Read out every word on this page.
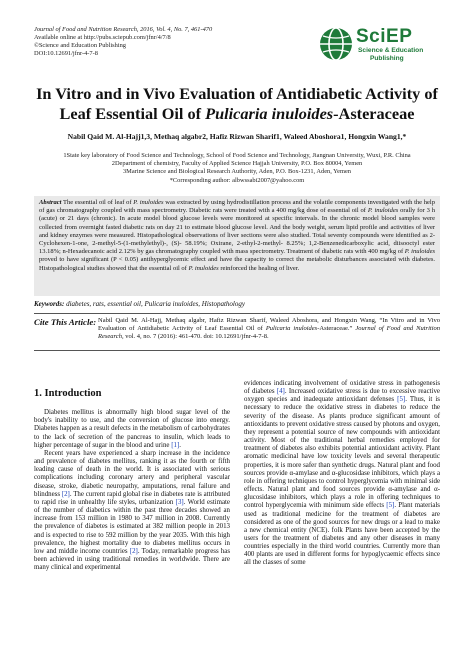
Journal of Food and Nutrition Research, 2016, Vol. 4, No. 7, 461-470
Available online at http://pubs.sciepub.com/jfnr/4/7/8
©Science and Education Publishing
DOI:10.12691/jfnr-4-7-8
SciEP
Science & Education
Publishing
In Vitro and in Vivo Evaluation of Antidiabetic Activity of Leaf Essential Oil of Pulicaria inuloides-Asteraceae
Nabil Qaid M. Al-Hajj1,3, Methaq algabr2, Hafiz Rizwan Sharif1, Waleed Aboshora1, Hongxin Wang1,*
1State key laboratory of Food Science and Technology, School of Food Science and Technology, Jiangnan University, Wuxi, P.R. China
2Department of chemistry, Faculty of Applied Science Hajjah University, P.O. Box 80004, Yemen
3Marine Science and Biological Research Authority, Aden, P.O. Box-1231, Aden, Yemen
*Corresponding author: albwssabi2007@yahoo.com
Abstract The essential oil of leaf of P. inuloides was extracted by using hydrodistillation process and the volatile components investigated with the help of gas chromatography coupled with mass spectrometry. Diabetic rats were treated with a 400 mg/kg dose of essential oil of P. inuloides orally for 3 h (acute) or 21 days (chronic). In acute model blood glucose levels were monitored at specific intervals. In the chronic model blood samples were collected from overnight fasted diabetic rats on day 21 to estimate blood glucose level. And the body weight, serum lipid profile and activities of liver and kidney enzymes were measured. Histopathological observations of liver sections were also studied. Total seventy compounds were identified as 2-Cyclohexen-1-one, 2-methyl-5-(1-methylethyl)-, (S)- 58.19%; Oxirane, 2-ethyl-2-methyl- 8.25%; 1,2-Benzenedicarboxylic acid, diisooctyl ester 13.18%; n-Hexadecanoic acid 2.12% by gas chromatography coupled with mass spectrometry. Treatment of diabetic rats with 400 mg/kg of P. inuloides proved to have significant (P < 0.05) antihyperglycemic effect and have the capacity to correct the metabolic disturbances associated with diabetes. Histopathological studies showed that the essential oil of P. inuloides reinforced the healing of liver.
Keywords: diabetes, rats, essential oil, Pulicaria inuloides, Histopathology
Cite This Article: Nabil Qaid M. Al-Hajj, Methaq algabr, Hafiz Rizwan Sharif, Waleed Aboshora, and Hongxin Wang, “In Vitro and in Vivo Evaluation of Antidiabetic Activity of Leaf Essential Oil of Pulicaria inuloides-Asteraceae.” Journal of Food and Nutrition Research, vol. 4, no. 7 (2016): 461-470. doi: 10.12691/jfnr-4-7-8.
1. Introduction

Diabetes mellitus is abnormally high blood sugar level of the body's inability to use, and the conversion of glucose into energy. Diabetes happen as a result defects in the metabolism of carbohydrates to the lack of secretion of the pancreas to insulin, which leads to higher percentage of sugar in the blood and urine [1].

Recent years have experienced a sharp increase in the incidence and prevalence of diabetes mellitus, ranking it as the fourth or fifth leading cause of death in the world. It is associated with serious complications including coronary artery and peripheral vascular disease, stroke, diabetic neuropathy, amputations, renal failure and blindness [2]. The current rapid global rise in diabetes rate is attributed to rapid rise in unhealthy life styles, urbanization [3]. World estimate of the number of diabetics within the past three decades showed an increase from 153 million in 1980 to 347 million in 2008. Currently the prevalence of diabetes is estimated at 382 million people in 2013 and is expected to rise to 592 million by the year 2035. With this high prevalence, the highest mortality due to diabetes mellitus occurs in low and middle income countries [2]. Today, remarkable progress has been achieved in using traditional remedies in worldwide. There are many clinical and experimental

evidences indicating involvement of oxidative stress in pathogenesis of diabetes [4]. Increased oxidative stress is due to excessive reactive oxygen species and inadequate antioxidant defenses [5]. Thus, it is necessary to reduce the oxidative stress in diabetes to reduce the severity of the disease. As plants produce significant amount of antioxidants to prevent oxidative stress caused by photons and oxygen, they represent a potential source of new compounds with antioxidant activity. Most of the traditional herbal remedies employed for treatment of diabetes also exhibits potential antioxidant activity. Plant aromatic medicinal have low toxicity levels and several therapeutic properties, it is more safer than synthetic drugs. Natural plant and food sources provide α-amylase and α-glucosidase inhibitors, which plays a role in offering techniques to control hyperglycemia with minimal side effects. Natural plant and food sources provide α-amylase and α-glucosidase inhibitors, which plays a role in offering techniques to control hyperglycemia with minimum side effects [5]. Plant materials used as traditional medicine for the treatment of diabetes are considered as one of the good sources for new drugs or a lead to make a new chemical entity (NCE). folk Plants have been accepted by the users for the treatment of diabetes and any other diseases in many countries especially in the third world countries. Currently more than 400 plants are used in different forms for hypoglycaemic effects since all the classes of some
